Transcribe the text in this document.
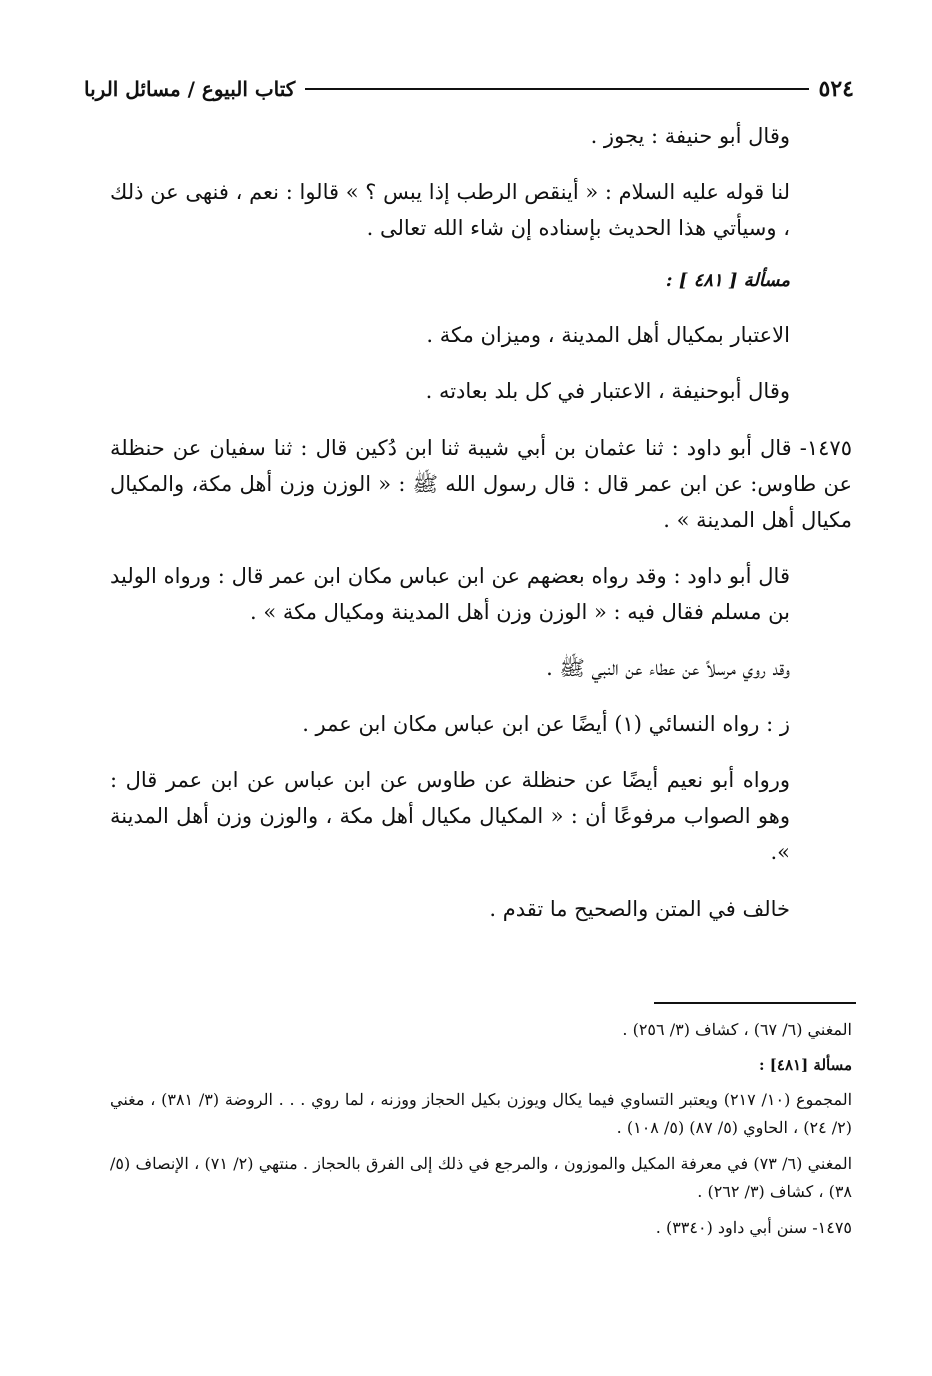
٥٢٤
كتاب البيوع / مسائل الربا

وقال أبو حنيفة : يجوز .

لنا قوله عليه السلام : « أينقص الرطب إذا يبس ؟ » قالوا : نعم ، فنهى عن ذلك ، وسيأتي هذا الحديث بإسناده إن شاء الله تعالى .

مسألة [ ٤٨١ ] :

الاعتبار بمكيال أهل المدينة ، وميزان مكة .

وقال أبوحنيفة ، الاعتبار في كل بلد بعادته .

١٤٧٥- قال أبو داود : ثنا عثمان بن أبي شيبة ثنا ابن دُكين قال : ثنا سفيان عن حنظلة عن طاوس: عن ابن عمر قال : قال رسول الله ﷺ : « الوزن وزن أهل مكة، والمكيال مكيال أهل المدينة » .

قال أبو داود : وقد رواه بعضهم عن ابن عباس مكان ابن عمر قال : ورواه الوليد بن مسلم فقال فيه : « الوزن وزن أهل المدينة ومكيال مكة » .

وقد روي مرسلاً عن عطاء عن النبي ﷺ .

ز : رواه النسائي (١) أيضًا عن ابن عباس مكان ابن عمر .

ورواه أبو نعيم أيضًا عن حنظلة عن طاوس عن ابن عباس عن ابن عمر قال : وهو الصواب مرفوعًا أن : « المكيال مكيال أهل مكة ، والوزن وزن أهل المدينة ».

خالف في المتن والصحيح ما تقدم .

المغني (٦/ ٦٧) ، كشاف (٣/ ٢٥٦) .

مسألة [٤٨١] :

المجموع (١٠/ ٢١٧) ويعتبر التساوي فيما يكال ويوزن بكيل الحجاز ووزنه ، لما روي . . . الروضة (٣/ ٣٨١) ، مغني (٢/ ٢٤) ، الحاوي (٥/ ٨٧) (٥/ ١٠٨) .

المغني (٦/ ٧٣) في معرفة المكيل والموزون ، والمرجع في ذلك إلى الفرق بالحجاز . منتهي (٢/ ٧١) ، الإنصاف (٥/ ٣٨) ، كشاف (٣/ ٢٦٢) .

١٤٧٥- سنن أبي داود (٣٣٤٠) .
